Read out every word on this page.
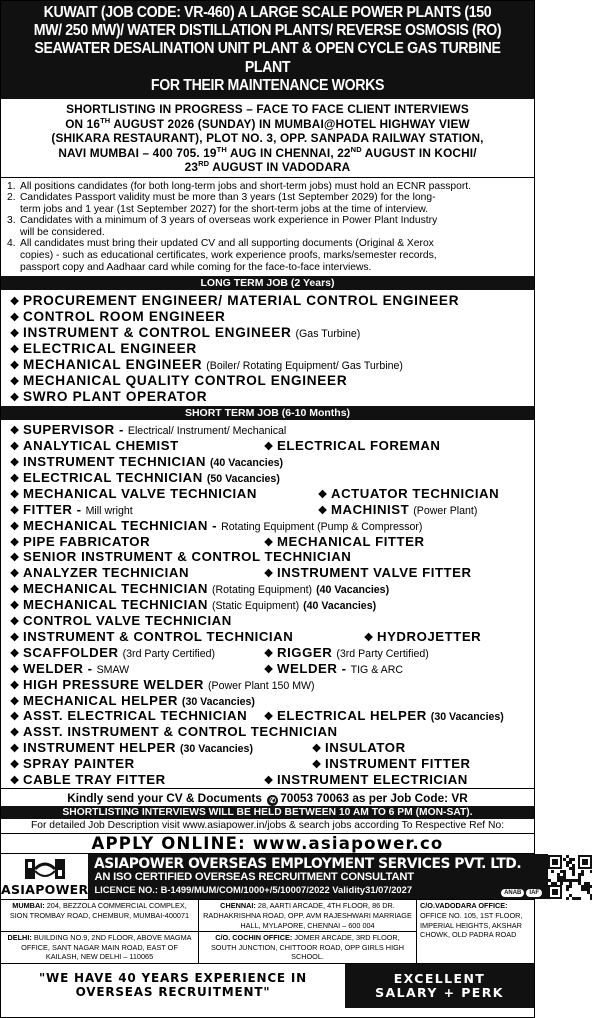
KUWAIT (JOB CODE: VR-460) A LARGE SCALE POWER PLANTS (150
MW/ 250 MW)/ WATER DISTILLATION PLANTS/ REVERSE OSMOSIS (RO)
SEAWATER DESALINATION UNIT PLANT & OPEN CYCLE GAS TURBINE PLANT
FOR THEIR MAINTENANCE WORKS
SHORTLISTING IN PROGRESS – FACE TO FACE CLIENT INTERVIEWS
ON 16TH AUGUST 2026 (SUNDAY) IN MUMBAI@HOTEL HIGHWAY VIEW
(SHIKARA RESTAURANT), PLOT NO. 3, OPP. SANPADA RAILWAY STATION,
NAVI MUMBAI – 400 705. 19TH AUG IN CHENNAI, 22ND AUGUST IN KOCHI/
23RD AUGUST IN VADODARA
1. All positions candidates (for both long-term jobs and short-term jobs) must hold an ECNR passport.
2. Candidates Passport validity must be more than 3 years (1st September 2029) for the long-
term jobs and 1 year (1st September 2027) for the short-term jobs at the time of interview.
3. Candidates with a minimum of 3 years of overseas work experience in Power Plant Industry
will be considered.
4. All candidates must bring their updated CV and all supporting documents (Original & Xerox
copies) - such as educational certificates, work experience proofs, marks/semester records,
passport copy and Aadhaar card while coming for the face-to-face interviews.
LONG TERM JOB (2 Years)
❖ PROCUREMENT ENGINEER/ MATERIAL CONTROL ENGINEER
❖ CONTROL ROOM ENGINEER
❖ INSTRUMENT & CONTROL ENGINEER (Gas Turbine)
❖ ELECTRICAL ENGINEER
❖ MECHANICAL ENGINEER (Boiler/ Rotating Equipment/ Gas Turbine)
❖ MECHANICAL QUALITY CONTROL ENGINEER
❖ SWRO PLANT OPERATOR
SHORT TERM JOB (6-10 Months)
❖ SUPERVISOR - Electrical/ Instrument/ Mechanical
❖ ANALYTICAL CHEMIST	❖ ELECTRICAL FOREMAN
❖ INSTRUMENT TECHNICIAN (40 Vacancies)
❖ ELECTRICAL TECHNICIAN (50 Vacancies)
❖ MECHANICAL VALVE TECHNICIAN	❖ ACTUATOR TECHNICIAN
❖ FITTER - Mill wright	❖ MACHINIST (Power Plant)
❖ MECHANICAL TECHNICIAN - Rotating Equipment (Pump & Compressor)
❖ PIPE FABRICATOR	❖ MECHANICAL FITTER
❖ SENIOR INSTRUMENT & CONTROL TECHNICIAN
❖ ANALYZER TECHNICIAN	❖ INSTRUMENT VALVE FITTER
❖ MECHANICAL TECHNICIAN (Rotating Equipment) (40 Vacancies)
❖ MECHANICAL TECHNICIAN (Static Equipment) (40 Vacancies)
❖ CONTROL VALVE TECHNICIAN
❖ INSTRUMENT & CONTROL TECHNICIAN	❖ HYDROJETTER
❖ SCAFFOLDER (3rd Party Certified)	❖ RIGGER (3rd Party Certified)
❖ WELDER - SMAW	❖ WELDER - TIG & ARC
❖ HIGH PRESSURE WELDER (Power Plant 150 MW)
❖ MECHANICAL HELPER (30 Vacancies)
❖ ASST. ELECTRICAL TECHNICIAN ❖ ELECTRICAL HELPER (30 Vacancies)
❖ ASST. INSTRUMENT & CONTROL TECHNICIAN
❖ INSTRUMENT HELPER (30 Vacancies)	❖ INSULATOR
❖ SPRAY PAINTER	❖ INSTRUMENT FITTER
❖ CABLE TRAY FITTER	❖ INSTRUMENT ELECTRICIAN
Kindly send your CV & Documents ✆ 70053 70063 as per Job Code: VR
SHORTLISTING INTERVIEWS WILL BE HELD BETWEEN 10 AM TO 6 PM (MON-SAT).
For detailed Job Description visit www.asiapower.in/jobs & search jobs according To Respective Ref No:
APPLY ONLINE: www.asiapower.co
ASIAPOWER
ASIAPOWER OVERSEAS EMPLOYMENT SERVICES PVT. LTD.
AN ISO CERTIFIED OVERSEAS RECRUITMENT CONSULTANT
LICENCE NO.: B-1499/MUM/COM/1000+/5/10007/2022 Validity31/07/2027	ANAB	IAF
MUMBAI: 204, BEZZOLA COMMERCIAL COMPLEX, SION TROMBAY ROAD, CHEMBUR, MUMBAI-400071
CHENNAI: 28, AARTI ARCADE, 4TH FLOOR, 86 DR. RADHAKRISHNA ROAD, OPP. AVM RAJESHWARI MARRIAGE HALL, MYLAPORE, CHENNAI – 600 004
C/O.VADODARA OFFICE: OFFICE NO. 105, 1ST FLOOR, IMPERIAL HEIGHTS, AKSHAR CHOWK, OLD PADRA ROAD
DELHI: BUILDING NO.9, 2ND FLOOR, ABOVE MAGMA OFFICE, SANT NAGAR MAIN ROAD, EAST OF KAILASH, NEW DELHI – 110065
C/O. COCHIN OFFICE: JOMER ARCADE, 3RD FLOOR, SOUTH JUNCTION, CHITTOOR ROAD, OPP GIRLS HIGH SCHOOL.
"WE HAVE 40 YEARS EXPERIENCE IN
OVERSEAS RECRUITMENT"
EXCELLENT
SALARY + PERK
